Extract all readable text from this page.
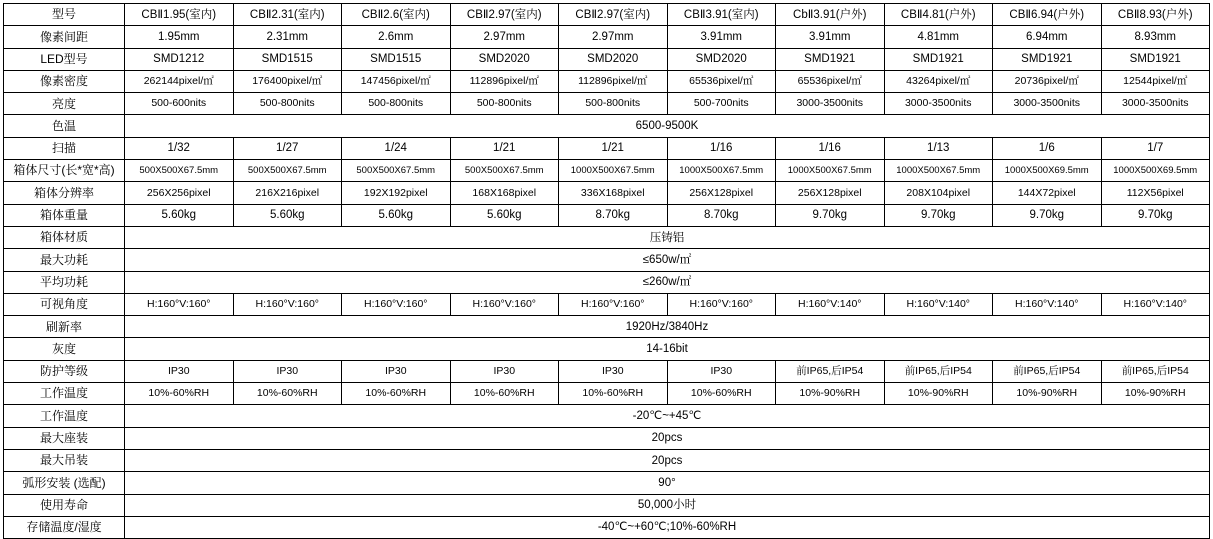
型号	CBⅡ1.95(室内)	CBⅡ2.31(室内)	CBⅡ2.6(室内)	CBⅡ2.97(室内)	CBⅡ2.97(室内)	CBⅡ3.91(室内)	CbⅡ3.91(户外)	CBⅡ4.81(户外)	CBⅡ6.94(户外)	CBⅡ8.93(户外)
像素间距	1.95mm	2.31mm	2.6mm	2.97mm	2.97mm	3.91mm	3.91mm	4.81mm	6.94mm	8.93mm
LED型号	SMD1212	SMD1515	SMD1515	SMD2020	SMD2020	SMD2020	SMD1921	SMD1921	SMD1921	SMD1921
像素密度	262144pixel/㎡	176400pixel/㎡	147456pixel/㎡	112896pixel/㎡	112896pixel/㎡	65536pixel/㎡	65536pixel/㎡	43264pixel/㎡	20736pixel/㎡	12544pixel/㎡
亮度	500-600nits	500-800nits	500-800nits	500-800nits	500-800nits	500-700nits	3000-3500nits	3000-3500nits	3000-3500nits	3000-3500nits
色温	6500-9500K									
扫描	1/32	1/27	1/24	1/21	1/21	1/16	1/16	1/13	1/6	1/7
箱体尺寸(长*宽*高)	500X500X67.5mm	500X500X67.5mm	500X500X67.5mm	500X500X67.5mm	1000X500X67.5mm	1000X500X67.5mm	1000X500X67.5mm	1000X500X67.5mm	1000X500X69.5mm	1000X500X69.5mm
箱体分辨率	256X256pixel	216X216pixel	192X192pixel	168X168pixel	336X168pixel	256X128pixel	256X128pixel	208X104pixel	144X72pixel	112X56pixel
箱体重量	5.60kg	5.60kg	5.60kg	5.60kg	8.70kg	8.70kg	9.70kg	9.70kg	9.70kg	9.70kg
箱体材质	压铸铝									
最大功耗	≤650w/㎡									
平均功耗	≤260w/㎡									
可视角度	H:160°V:160°	H:160°V:160°	H:160°V:160°	H:160°V:160°	H:160°V:160°	H:160°V:160°	H:160°V:140°	H:160°V:140°	H:160°V:140°	H:160°V:140°
刷新率	1920Hz/3840Hz									
灰度	14-16bit									
防护等级	IP30	IP30	IP30	IP30	IP30	IP30	前IP65,后IP54	前IP65,后IP54	前IP65,后IP54	前IP65,后IP54
工作温度	10%-60%RH	10%-60%RH	10%-60%RH	10%-60%RH	10%-60%RH	10%-60%RH	10%-90%RH	10%-90%RH	10%-90%RH	10%-90%RH
工作温度	-20℃~+45℃									
最大座装	20pcs									
最大吊装	20pcs									
弧形安装 (选配)	90°									
使用寿命	50,000小时									
存储温度/湿度	-40℃~+60℃;10%-60%RH									
